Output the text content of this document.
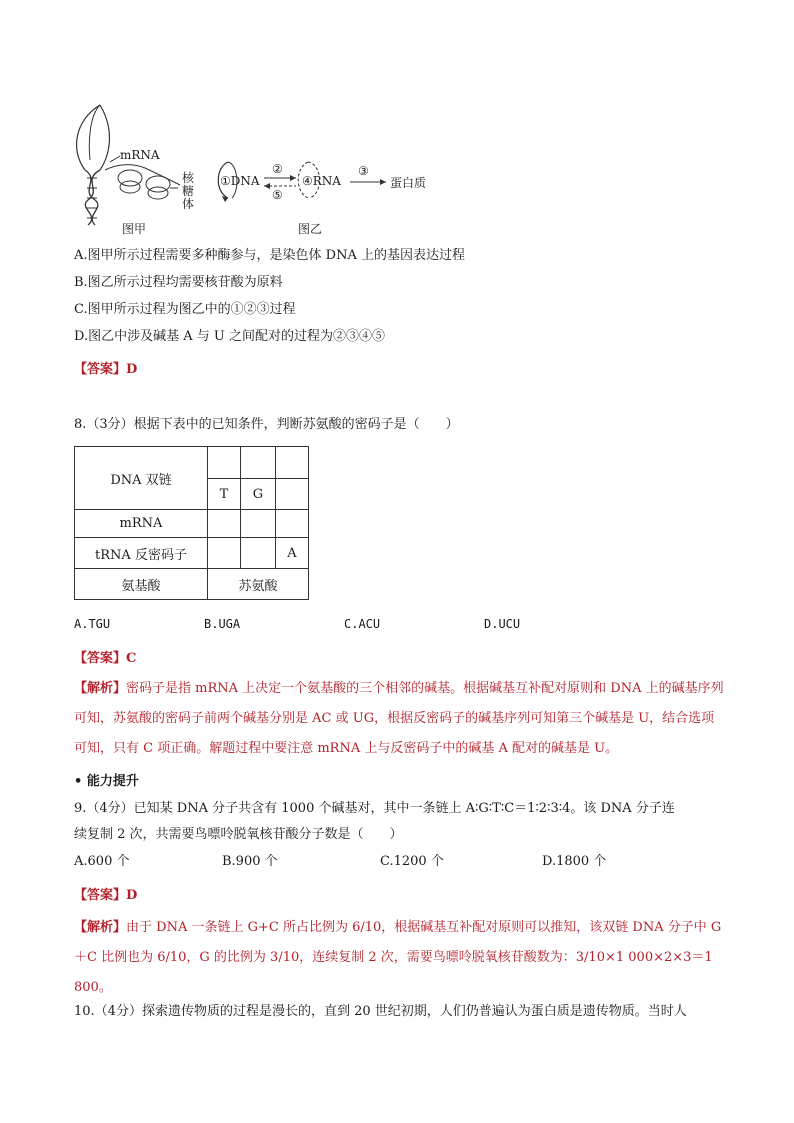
mRNA
核
糖
体
图甲
①DNA
②
⑤
④RNA
③
蛋白质
图乙
A.图甲所示过程需要多种酶参与，是染色体 DNA 上的基因表达过程
B.图乙所示过程均需要核苷酸为原料
C.图甲所示过程为图乙中的①②③过程
D.图乙中涉及碱基 A 与 U 之间配对的过程为②③④⑤
【答案】D
8.（3分）根据下表中的已知条件，判断苏氨酸的密码子是（　　）
DNA 双链			
	T	G	
mRNA			
tRNA 反密码子			A
氨基酸	苏氨酸		
A.TGU	B.UGA	C.ACU	D.UCU
【答案】C
【解析】密码子是指 mRNA 上决定一个氨基酸的三个相邻的碱基。根据碱基互补配对原则和 DNA 上的碱基序列可知，苏氨酸的密码子前两个碱基分别是 AC 或 UG，根据反密码子的碱基序列可知第三个碱基是 U，结合选项可知，只有 C 项正确。解题过程中要注意 mRNA 上与反密码子中的碱基 A 配对的碱基是 U。
• 能力提升
9.（4分）已知某 DNA 分子共含有 1000 个碱基对，其中一条链上 A∶G∶T∶C＝1∶2∶3∶4。该 DNA 分子连
续复制 2 次，共需要鸟嘌呤脱氧核苷酸分子数是（　　）
A.600 个	B.900 个	C.1200 个	D.1800 个
【答案】D
【解析】由于 DNA 一条链上 G+C 所占比例为 6/10，根据碱基互补配对原则可以推知，该双链 DNA 分子中 G＋C 比例也为 6/10，G 的比例为 3/10，连续复制 2 次，需要鸟嘌呤脱氧核苷酸数为：3/10×1 000×2×3＝1 800。
10.（4分）探索遗传物质的过程是漫长的，直到 20 世纪初期，人们仍普遍认为蛋白质是遗传物质。当时人
